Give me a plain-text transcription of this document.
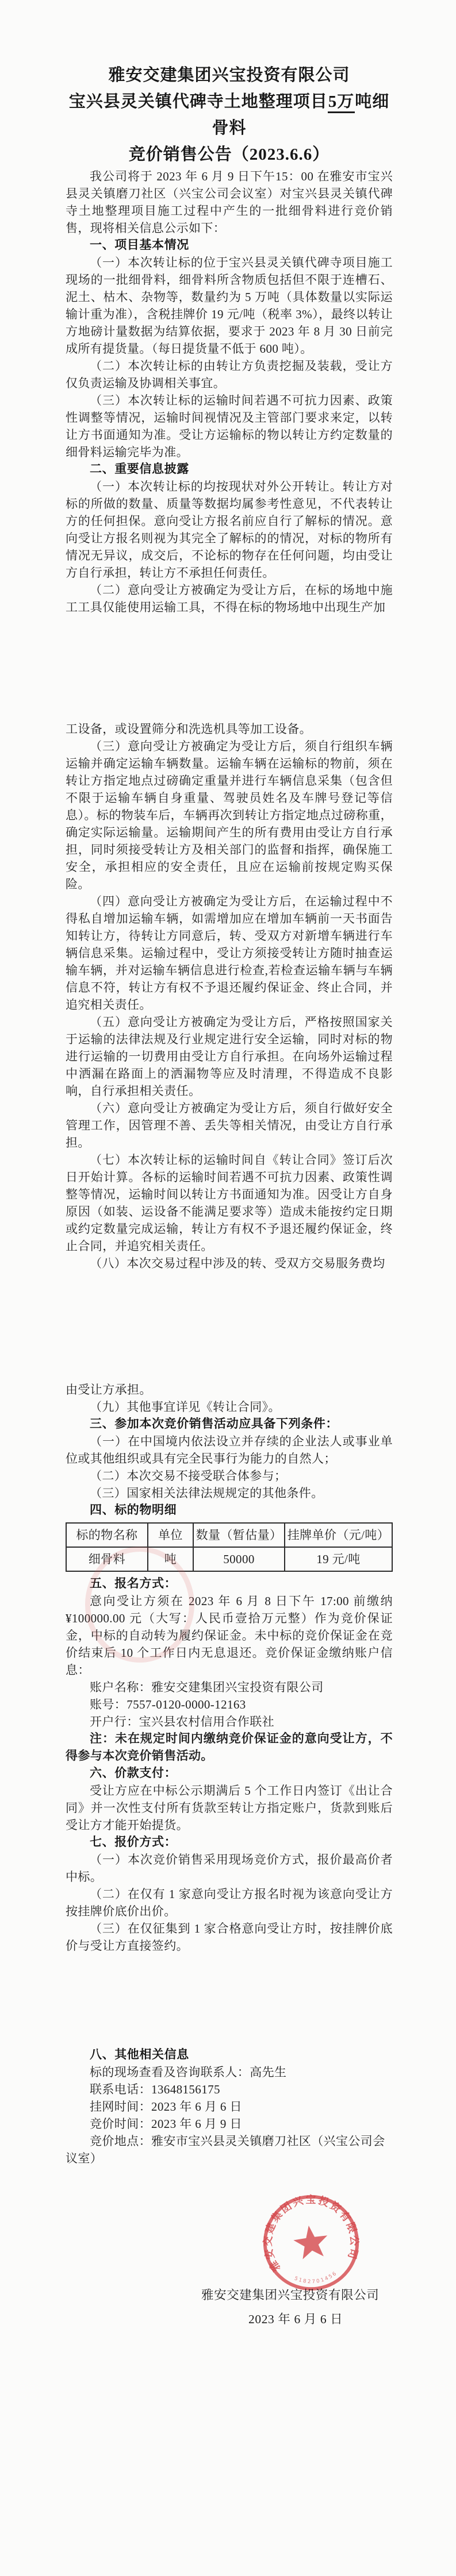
雅安交建集团兴宝投资有限公司
宝兴县灵关镇代碑寺土地整理项目5万吨细骨料
竞价销售公告（2023.6.6）

我公司将于 2023 年 6 月 9 日下午15：00 在雅安市宝兴县灵关镇磨刀社区（兴宝公司会议室）对宝兴县灵关镇代碑寺土地整理项目施工过程中产生的一批细骨料进行竞价销售，现将相关信息公示如下：

一、项目基本情况

（一）本次转让标的位于宝兴县灵关镇代碑寺项目施工现场的一批细骨料，细骨料所含物质包括但不限于连槽石、泥土、枯木、杂物等，数量约为 5 万吨（具体数量以实际运输计重为准），含税挂牌价 19 元/吨（税率 3%），最终以转让方地磅计量数据为结算依据，要求于 2023 年 8 月 30 日前完成所有提货量。（每日提货量不低于 600 吨）。

（二）本次转让标的由转让方负责挖掘及装载，受让方仅负责运输及协调相关事宜。

（三）本次转让标的运输时间若遇不可抗力因素、政策性调整等情况，运输时间视情况及主管部门要求来定，以转让方书面通知为准。受让方运输标的物以转让方约定数量的细骨料运输完毕为准。

二、重要信息披露

（一）本次转让标的均按现状对外公开转让。转让方对标的所做的数量、质量等数据均属参考性意见，不代表转让方的任何担保。意向受让方报名前应自行了解标的情况。意向受让方报名则视为其完全了解标的的情况，对标的物所有情况无异议，成交后，不论标的物存在任何问题，均由受让方自行承担，转让方不承担任何责任。

（二）意向受让方被确定为受让方后，在标的场地中施工工具仅能使用运输工具，不得在标的物场地中出现生产加

工设备，或设置筛分和洗选机具等加工设备。

（三）意向受让方被确定为受让方后，须自行组织车辆运输并确定运输车辆数量。运输车辆在运输标的物前，须在转让方指定地点过磅确定重量并进行车辆信息采集（包含但不限于运输车辆自身重量、驾驶员姓名及车牌号登记等信息）。标的物装车后，车辆再次到转让方指定地点过磅称重，确定实际运输量。运输期间产生的所有费用由受让方自行承担，同时须接受转让方及相关部门的监督和指挥，确保施工安全，承担相应的安全责任，且应在运输前按规定购买保险。

（四）意向受让方被确定为受让方后，在运输过程中不得私自增加运输车辆，如需增加应在增加车辆前一天书面告知转让方，待转让方同意后，转、受双方对新增车辆进行车辆信息采集。运输过程中，受让方须接受转让方随时抽查运输车辆，并对运输车辆信息进行检查,若检查运输车辆与车辆信息不符，转让方有权不予退还履约保证金、终止合同，并追究相关责任。

（五）意向受让方被确定为受让方后，严格按照国家关于运输的法律法规及行业规定进行安全运输，同时对标的物进行运输的一切费用由受让方自行承担。在向场外运输过程中洒漏在路面上的洒漏物等应及时清理，不得造成不良影响，自行承担相关责任。

（六）意向受让方被确定为受让方后，须自行做好安全管理工作，因管理不善、丢失等相关情况，由受让方自行承担。

（七）本次转让标的运输时间自《转让合同》签订后次日开始计算。各标的运输时间若遇不可抗力因素、政策性调整等情况，运输时间以转让方书面通知为准。因受让方自身原因（如装、运设备不能满足要求等）造成未能按约定日期或约定数量完成运输，转让方有权不予退还履约保证金，终止合同，并追究相关责任。

（八）本次交易过程中涉及的转、受双方交易服务费均

由受让方承担。

（九）其他事宜详见《转让合同》。

三、参加本次竞价销售活动应具备下列条件：

（一）在中国境内依法设立并存续的企业法人或事业单位或其他组织或具有完全民事行为能力的自然人；

（二）本次交易不接受联合体参与；

（三）国家相关法律法规规定的其他条件。

四、标的物明细
标的物名称	单位	数量（暂估量）	挂牌单价（元/吨）
细骨料	吨	50000	19 元/吨
五、报名方式：

意向受让方须在 2023 年 6 月 8 日下午 17:00 前缴纳¥100000.00 元（大写：人民币壹拾万元整）作为竞价保证金，中标的自动转为履约保证金。未中标的竞价保证金在竞价结束后 10 个工作日内无息退还。竞价保证金缴纳账户信息：

账户名称：雅安交建集团兴宝投资有限公司

账号：7557-0120-0000-12163

开户行：宝兴县农村信用合作联社

注：未在规定时间内缴纳竞价保证金的意向受让方，不得参与本次竞价销售活动。

六、价款支付：

受让方应在中标公示期满后 5 个工作日内签订《出让合同》并一次性支付所有货款至转让方指定账户，货款到账后受让方才能开始提货。

七、报价方式：

（一）本次竞价销售采用现场竞价方式，报价最高价者中标。

（二）在仅有 1 家意向受让方报名时视为该意向受让方按挂牌价底价出价。

（三）在仅征集到 1 家合格意向受让方时，按挂牌价底价与受让方直接签约。

八、其他相关信息

标的现场查看及咨询联系人：高先生

联系电话：13648156175

挂网时间：2023 年 6 月 6 日

竞价时间：2023 年 6 月 9 日

竞价地点：雅安市宝兴县灵关镇磨刀社区（兴宝公司会

议室）

雅安交建集团兴宝投资有限公司
5182701456
雅安交建集团兴宝投资有限公司
2023 年 6 月 6 日
